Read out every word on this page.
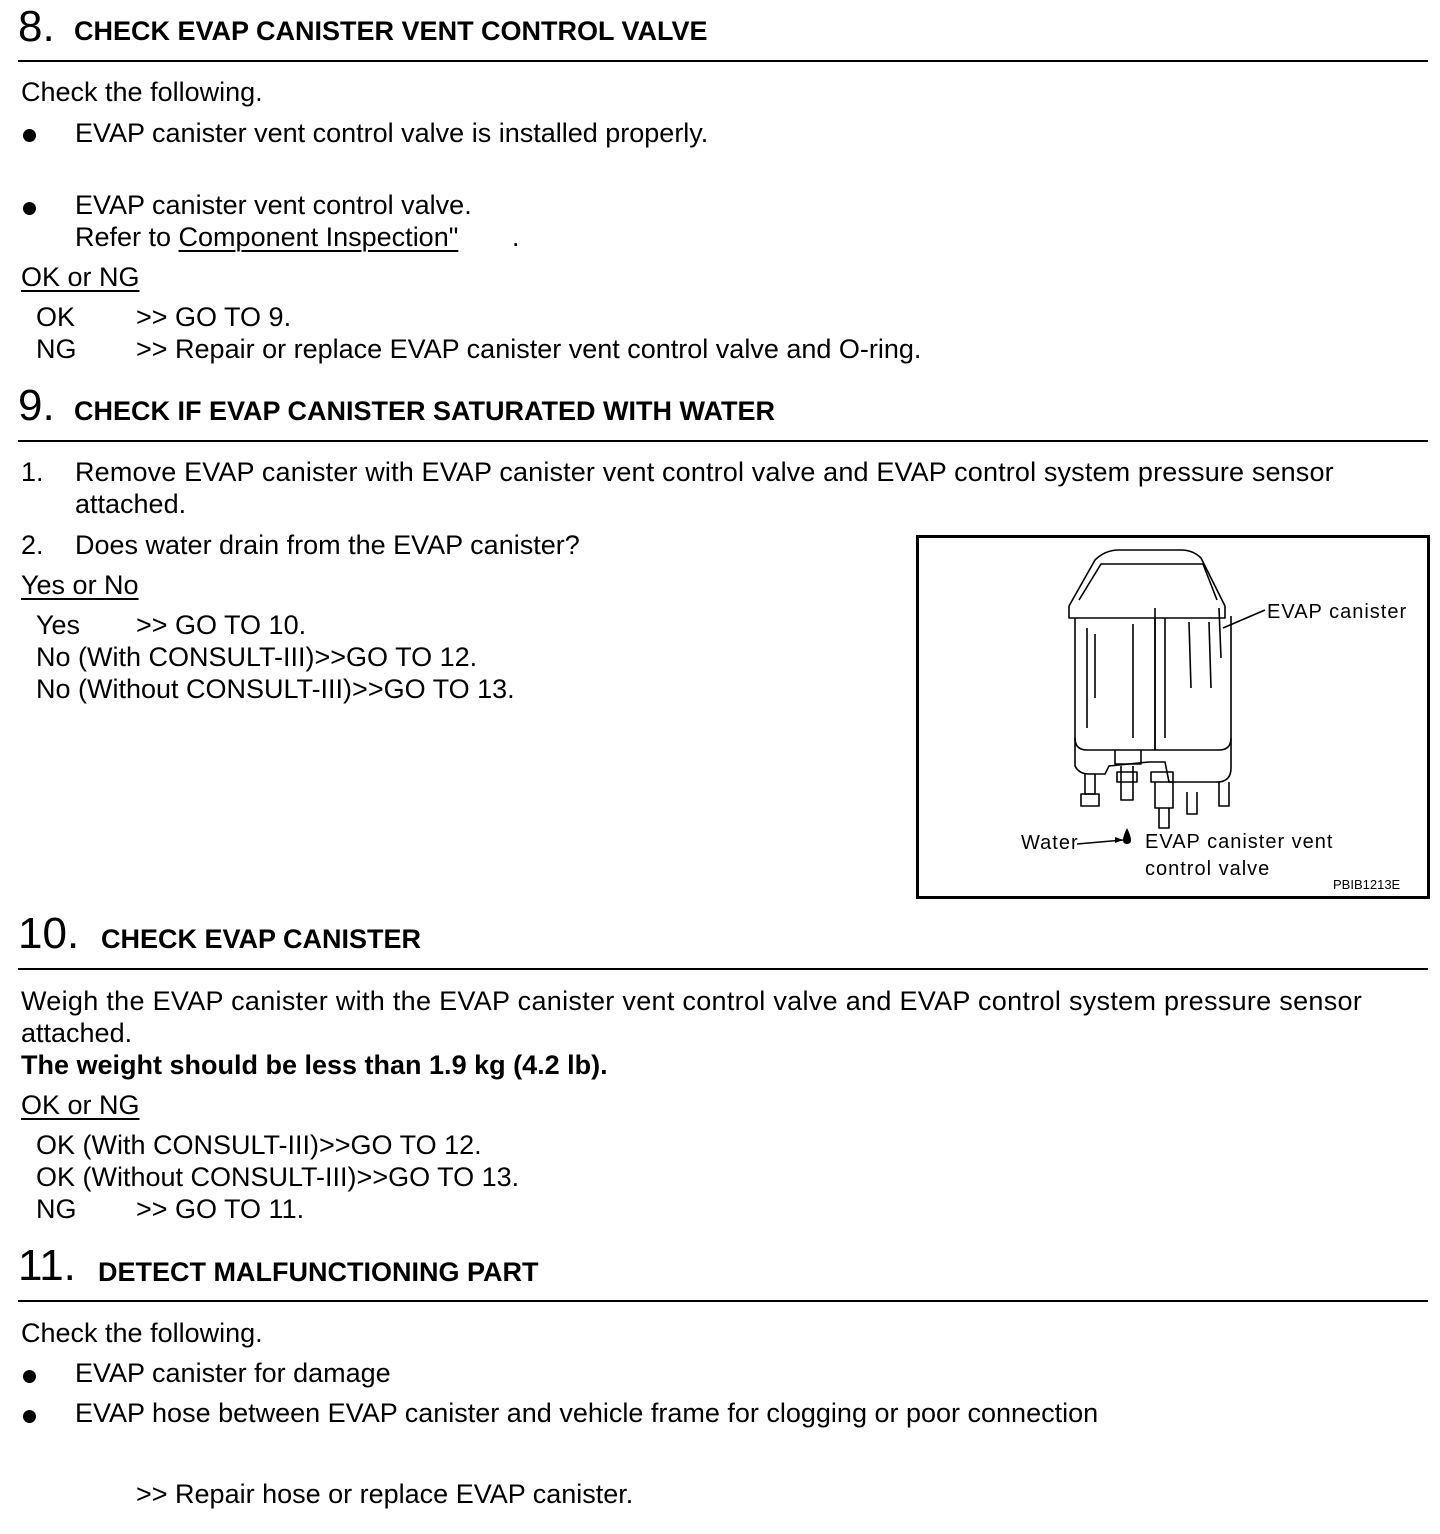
8. CHECK EVAP CANISTER VENT CONTROL VALVE
Check the following.
EVAP canister vent control valve is installed properly.
EVAP canister vent control valve.
Refer to Component Inspection" .
OK or NG
OK >> GO TO 9.
NG >> Repair or replace EVAP canister vent control valve and O-ring.
9. CHECK IF EVAP CANISTER SATURATED WITH WATER
1. Remove EVAP canister with EVAP canister vent control valve and EVAP control system pressure sensor
attached.
2. Does water drain from the EVAP canister?
Yes or No
Yes >> GO TO 10.
No (With CONSULT-III)>>GO TO 12.
No (Without CONSULT-III)>>GO TO 13.
EVAP canister
Water	EVAP canister vent
control valve
PBIB1213E
10. CHECK EVAP CANISTER
Weigh the EVAP canister with the EVAP canister vent control valve and EVAP control system pressure sensor
attached.
The weight should be less than 1.9 kg (4.2 lb).
OK or NG
OK (With CONSULT-III)>>GO TO 12.
OK (Without CONSULT-III)>>GO TO 13.
NG >> GO TO 11.
11. DETECT MALFUNCTIONING PART
Check the following.
EVAP canister for damage
EVAP hose between EVAP canister and vehicle frame for clogging or poor connection
>> Repair hose or replace EVAP canister.
